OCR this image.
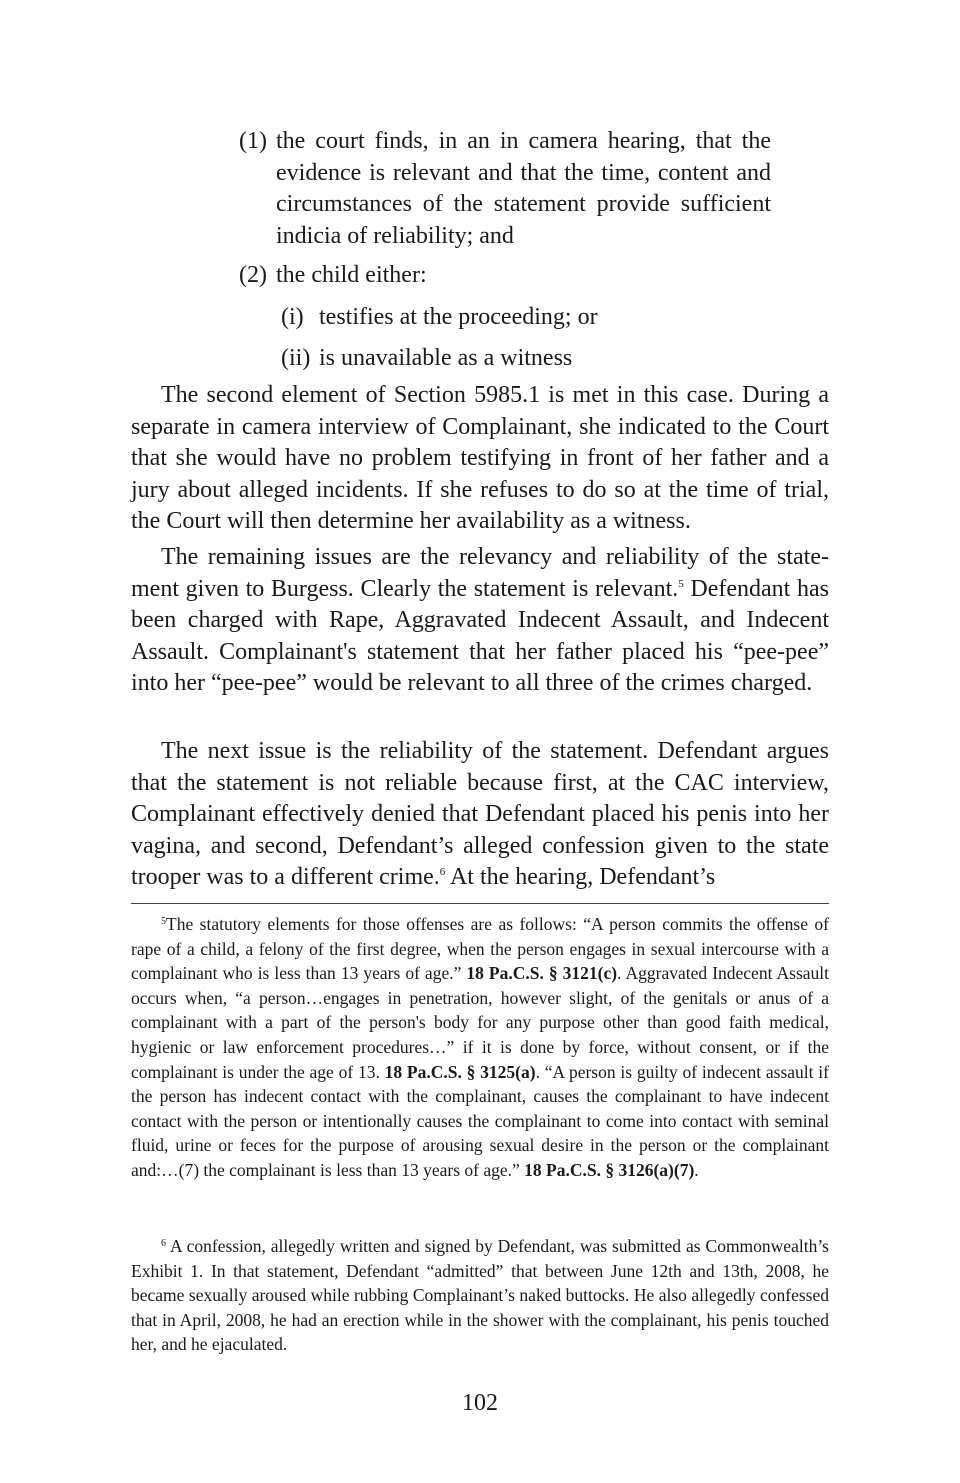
(1) the court finds, in an in camera hearing, that the evidence is relevant and that the time, content and circumstances of the statement provide sufficient indicia of reliability; and
(2) the child either:
(i) testifies at the proceeding; or
(ii) is unavailable as a witness

The second element of Section 5985.1 is met in this case. During a separate in camera interview of Complainant, she indicated to the Court that she would have no problem testifying in front of her father and a jury about alleged incidents. If she refuses to do so at the time of trial, the Court will then determine her availability as a witness.

The remaining issues are the relevancy and reliability of the statement given to Burgess. Clearly the statement is relevant.$^5$ Defendant has been charged with Rape, Aggravated Indecent Assault, and Indecent Assault. Complainant's statement that her father placed his “pee-pee” into her “pee-pee” would be relevant to all three of the crimes charged.

The next issue is the reliability of the statement. Defendant argues that the statement is not reliable because first, at the CAC interview, Complainant effectively denied that Defendant placed his penis into her vagina, and second, Defendant’s alleged confession given to the state trooper was to a different crime.$^6$ At the hearing, Defendant’s

$^5$The statutory elements for those offenses are as follows: “A person commits the offense of rape of a child, a felony of the first degree, when the person engages in sexual intercourse with a complainant who is less than 13 years of age.” 18 Pa.C.S. § 3121(c). Aggravated Indecent Assault occurs when, “a person…engages in penetration, however slight, of the genitals or anus of a complainant with a part of the person's body for any purpose other than good faith medical, hygienic or law enforcement procedures…” if it is done by force, without consent, or if the complainant is under the age of 13. 18 Pa.C.S. § 3125(a). “A person is guilty of indecent assault if the person has indecent contact with the complainant, causes the complainant to have indecent contact with the person or intentionally causes the complainant to come into contact with seminal fluid, urine or feces for the purpose of arousing sexual desire in the person or the complainant and:…(7) the complainant is less than 13 years of age.” 18 Pa.C.S. § 3126(a)(7).

$^6$ A confession, allegedly written and signed by Defendant, was submitted as Commonwealth’s Exhibit 1. In that statement, Defendant “admitted” that between June 12th and 13th, 2008, he became sexually aroused while rubbing Complainant’s naked buttocks. He also allegedly confessed that in April, 2008, he had an erection while in the shower with the complainant, his penis touched her, and he ejaculated.

102
